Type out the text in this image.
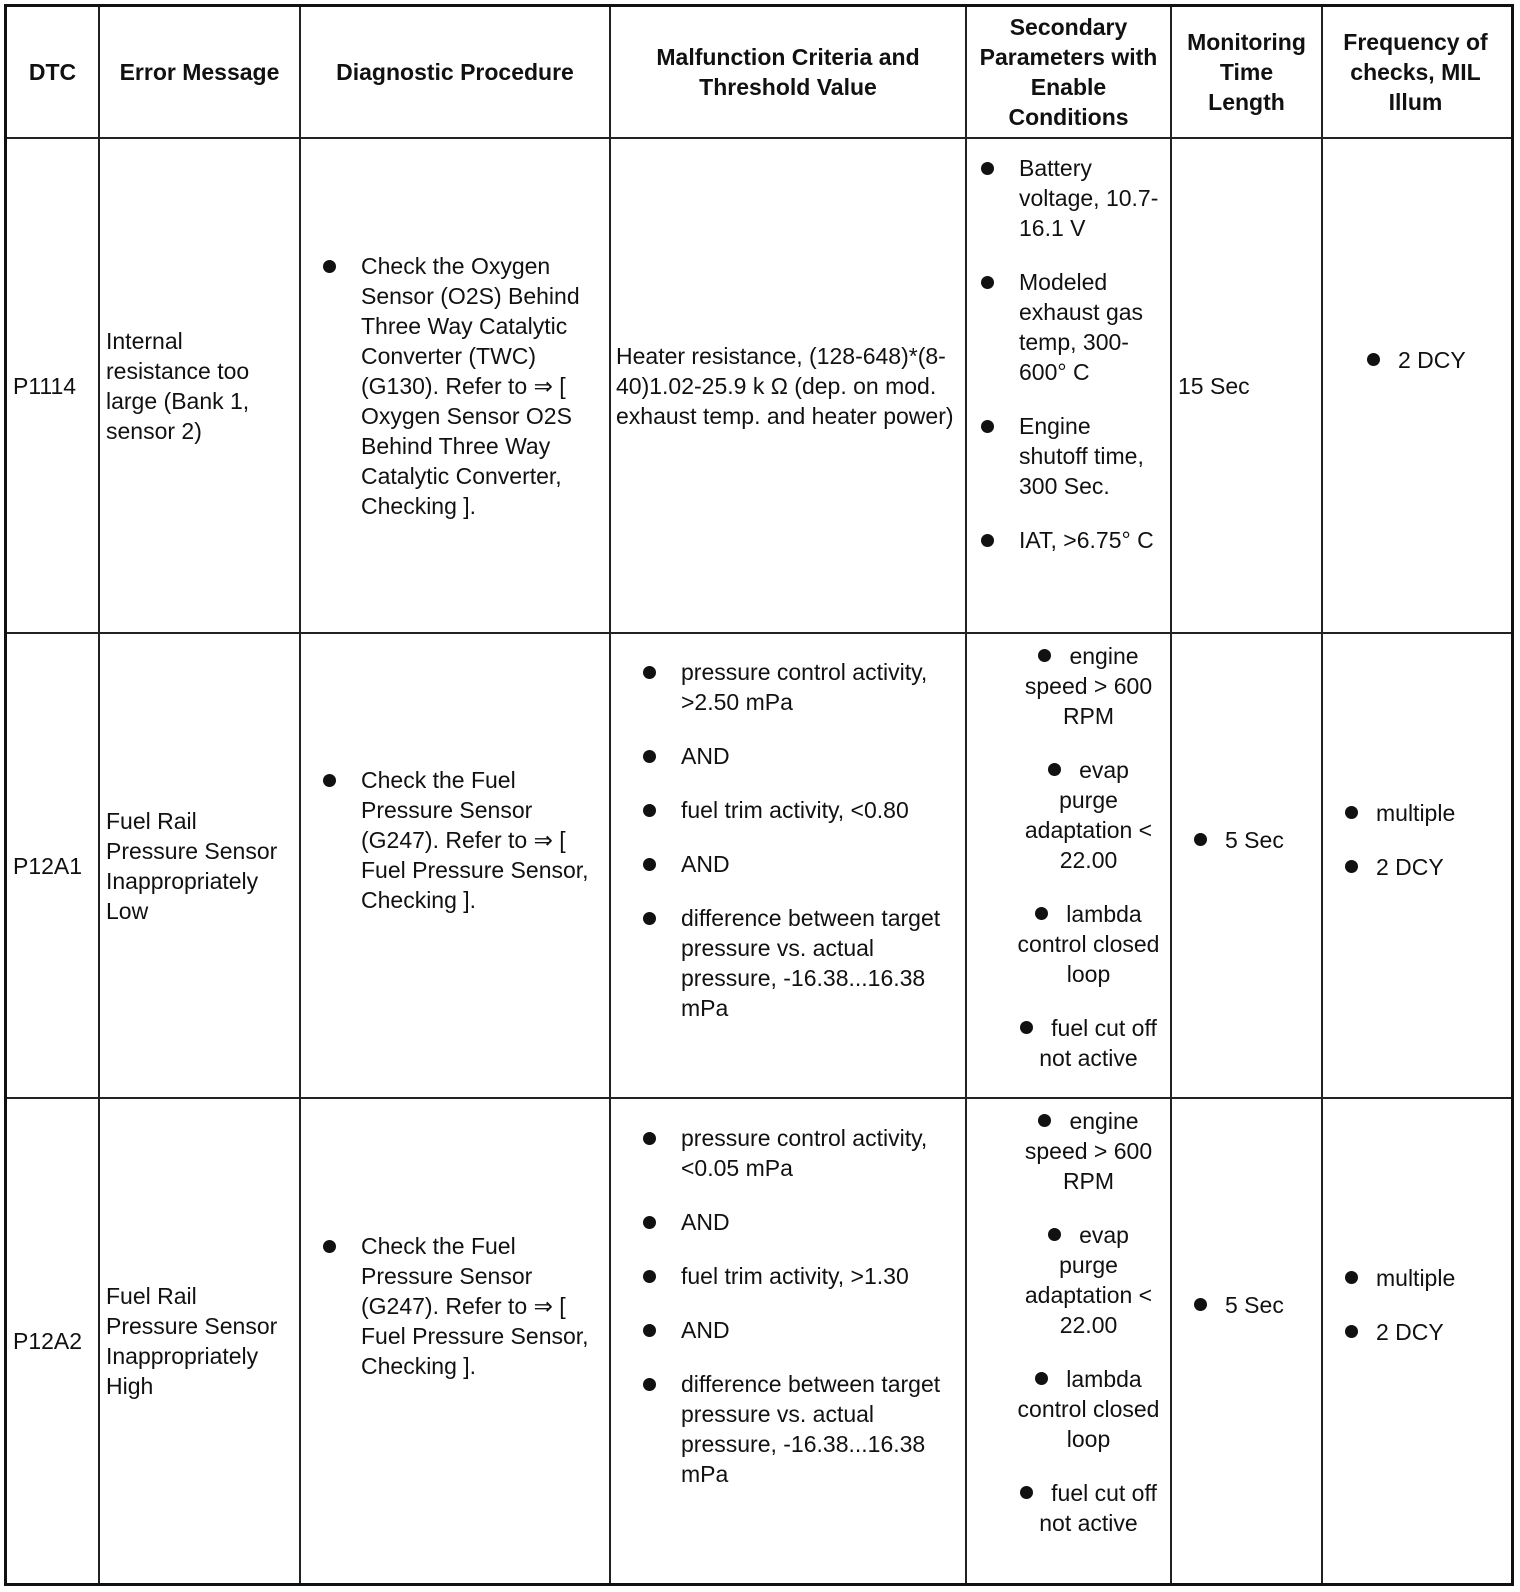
DTC	Error Message	Diagnostic Procedure
Malfunction Criteria and Threshold Value
Secondary Parameters with Enable Conditions
Monitoring Time Length
Frequency of checks, MIL Illum
P1114
Internal resistance too large (Bank 1, sensor 2)
Check the Oxygen Sensor (O2S) Behind Three Way Catalytic Converter (TWC) (G130). Refer to ⇒ [ Oxygen Sensor O2S Behind Three Way Catalytic Converter, Checking ].
Heater resistance, (128-648)*(8-40)1.02-25.9 k Ω (dep. on mod. exhaust temp. and heater power)
Battery voltage, 10.7-16.1 V
Modeled exhaust gas temp, 300-600° C
Engine shutoff time, 300 Sec.
IAT, >6.75° C
15 Sec
2 DCY
P12A1
Fuel Rail Pressure Sensor Inappropriately Low
Check the Fuel Pressure Sensor (G247). Refer to ⇒ [ Fuel Pressure Sensor, Checking ].
pressure control activity, >2.50 mPa
AND
fuel trim activity, <0.80
AND
difference between target pressure vs. actual pressure, -16.38...16.38 mPa
engine speed > 600 RPM
evap purge adaptation < 22.00
lambda control closed loop
fuel cut off not active
5 Sec
multiple
2 DCY
P12A2
Fuel Rail Pressure Sensor Inappropriately High
Check the Fuel Pressure Sensor (G247). Refer to ⇒ [ Fuel Pressure Sensor, Checking ].
pressure control activity, <0.05 mPa
AND
fuel trim activity, >1.30
AND
difference between target pressure vs. actual pressure, -16.38...16.38 mPa
engine speed > 600 RPM
evap purge adaptation < 22.00
lambda control closed loop
fuel cut off not active
5 Sec
multiple
2 DCY
